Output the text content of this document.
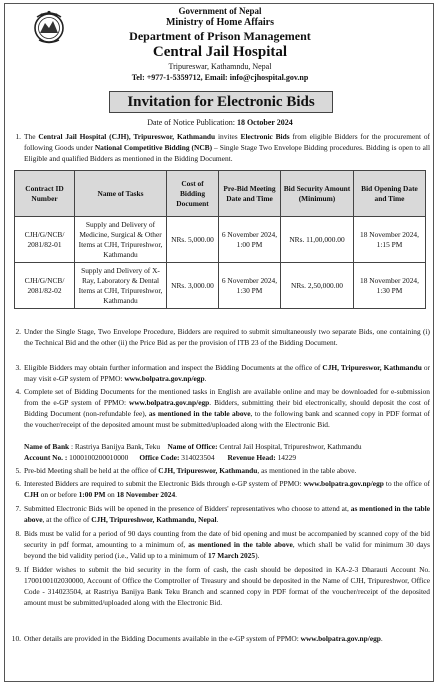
Government of Nepal
Ministry of Home Affairs
Department of Prison Management
Central Jail Hospital
Tripureswar, Kathamndu, Nepal
Tel: +977-1-5359712, Email: info@cjhospital.gov.np
Invitation for Electronic Bids
Date of Notice Publication: 18 October 2024
1. The Central Jail Hospital (CJH), Tripureswor, Kathmandu invites Electronic Bids from eligible Bidders for the procurement of following Goods under National Competitive Bidding (NCB) – Single Stage Two Envelope Bidding procedures. Bidding is open to all Eligible and qualified Bidders as mentioned in the Bidding Document.
Contract ID Number	Name of Tasks	Cost of Bidding Document	Pre-Bid Meeting Date and Time	Bid Security Amount (Minimum)	Bid Opening Date and Time
CJH/G/NCB/ 2081/82-01	Supply and Delivery of Medicine, Surgical & Other Items at CJH, Tripureshwor, Kathmandu	NRs. 5,000.00	6 November 2024, 1:00 PM	NRs. 11,00,000.00	18 November 2024, 1:15 PM
CJH/G/NCB/ 2081/82-02	Supply and Delivery of X-Ray, Laboratory & Dental Items at CJH, Tripureshwor, Kathmandu	NRs. 3,000.00	6 November 2024, 1:30 PM	NRs. 2,50,000.00	18 November 2024, 1:30 PM
2. Under the Single Stage, Two Envelope Procedure, Bidders are required to submit simultaneously two separate Bids, one containing (i) the Technical Bid and the other (ii) the Price Bid as per the provision of ITB 23 of the Bidding Document.
3. Eligible Bidders may obtain further information and inspect the Bidding Documents at the office of CJH, Tripureswor, Kathmandu or may visit e-GP system of PPMO: www.bolpatra.gov.np/egp.
4. Complete set of Bidding Documents for the mentioned tasks in English are available online and may be downloaded for e-submission from the e-GP system of PPMO: www.bolpatra.gov.np/egp. Bidders, submitting their bid electronically, should deposit the cost of Bidding Document (non-refundable fee), as mentioned in the table above, to the following bank and scanned copy in PDF format of the voucher/receipt of the deposited amount must be submitted/uploaded along with the Electronic Bid.
Name of Bank : Rastriya Banijya Bank, Teku Name of Office: Central Jail Hospital, Tripureshwor, Kathmandu
Account No. : 1000100200010000 Office Code: 314023504 Revenue Head: 14229
5. Pre-bid Meeting shall be held at the office of CJH, Tripureswor, Kathmandu, as mentioned in the table above.
6. Interested Bidders are required to submit the Electronic Bids through e-GP system of PPMO: www.bolpatra.gov.np/egp to the office of CJH on or before 1:00 PM on 18 November 2024.
7. Submitted Electronic Bids will be opened in the presence of Bidders' representatives who choose to attend at, as mentioned in the table above, at the office of CJH, Tripureshwor, Kathmandu, Nepal.
8. Bids must be valid for a period of 90 days counting from the date of bid opening and must be accompanied by scanned copy of the bid security in pdf format, amounting to a minimum of, as mentioned in the table above, which shall be valid for minimum 30 days beyond the bid validity period (i.e., Valid up to a minimum of 17 March 2025).
9. If Bidder wishes to submit the bid security in the form of cash, the cash should be deposited in KA-2-3 Dharauti Account No. 1700100102030000, Account of Office the Comptroller of Treasury and should be deposited in the Name of CJH, Tripureshwor, Office Code - 314023504, at Rastriya Banijya Bank Teku Branch and scanned copy in PDF format of the voucher/receipt of the deposited amount must be submitted/uploaded along with the Electronic Bid.
10. Other details are provided in the Bidding Documents available in the e-GP system of PPMO: www.bolpatra.gov.np/egp.
